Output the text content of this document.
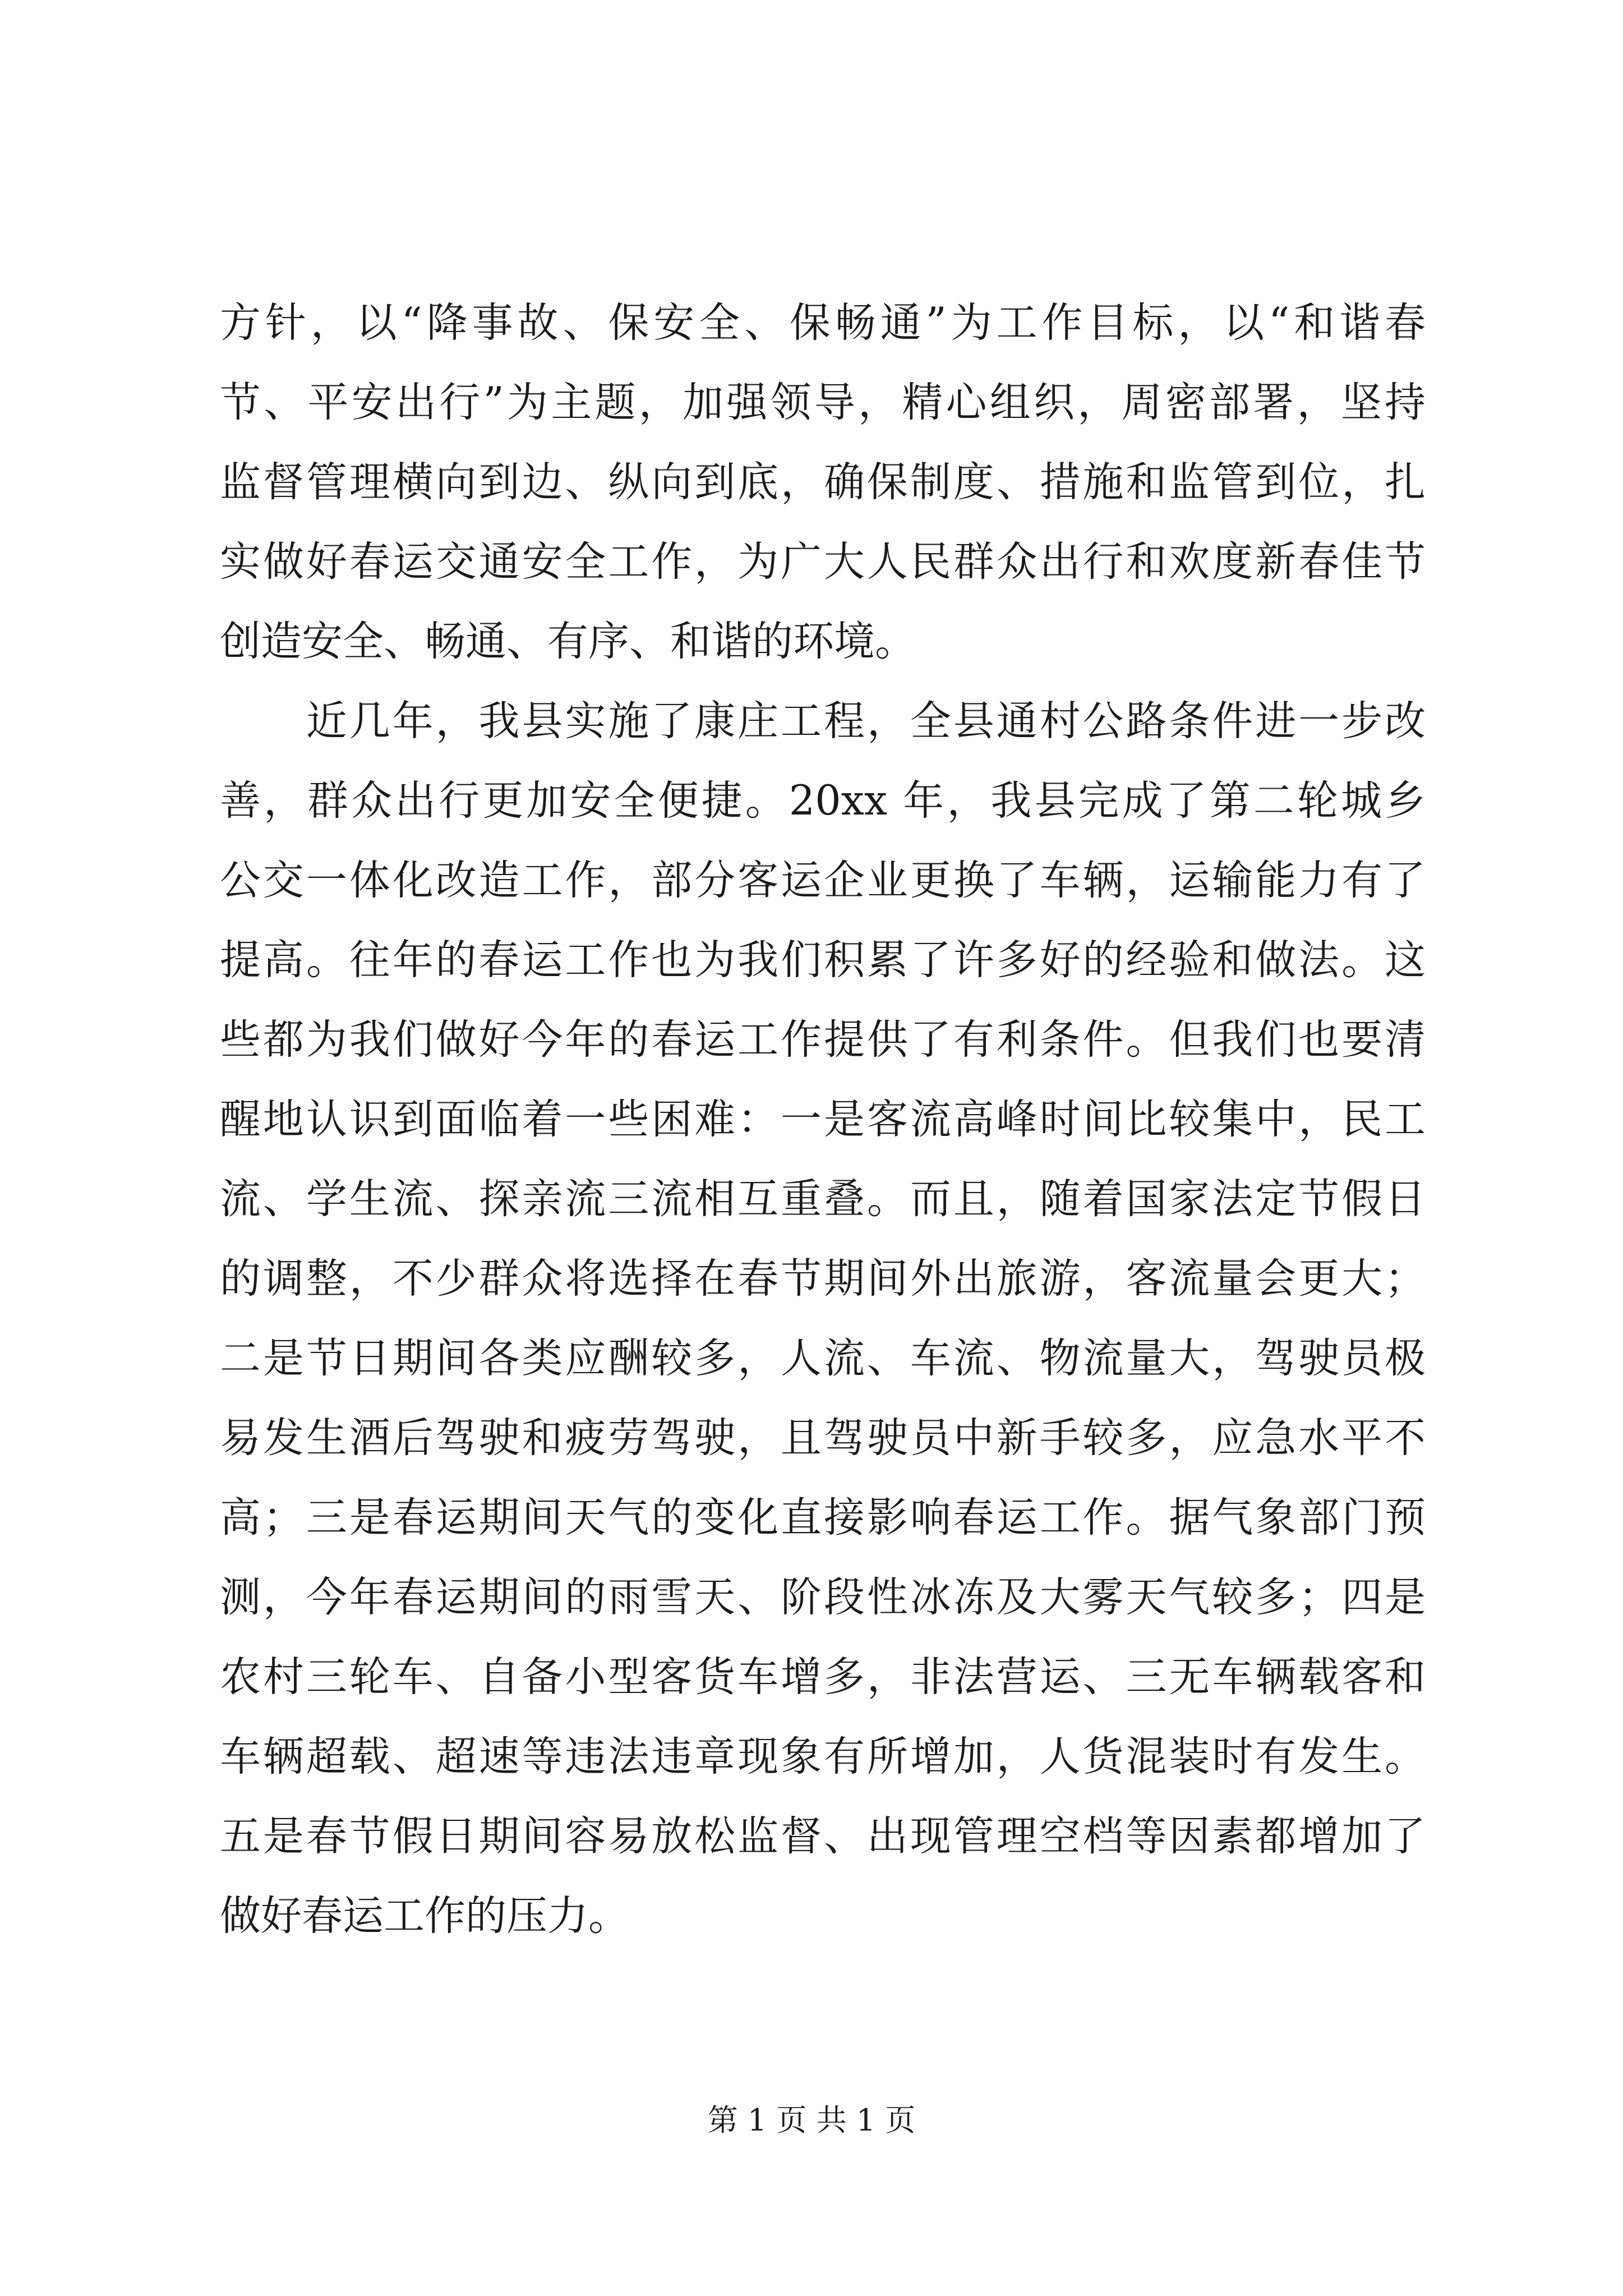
方针，以“降事故、保安全、保畅通”为工作目标，以“和谐春
节、平安出行”为主题，加强领导，精心组织，周密部署，坚持
监督管理横向到边、纵向到底，确保制度、措施和监管到位，扎
实做好春运交通安全工作，为广大人民群众出行和欢度新春佳节
创造安全、畅通、有序、和谐的环境。
　　近几年，我县实施了康庄工程，全县通村公路条件进一步改
善，群众出行更加安全便捷。20xx 年，我县完成了第二轮城乡
公交一体化改造工作，部分客运企业更换了车辆，运输能力有了
提高。往年的春运工作也为我们积累了许多好的经验和做法。这
些都为我们做好今年的春运工作提供了有利条件。但我们也要清
醒地认识到面临着一些困难：一是客流高峰时间比较集中，民工
流、学生流、探亲流三流相互重叠。而且，随着国家法定节假日
的调整，不少群众将选择在春节期间外出旅游，客流量会更大；
二是节日期间各类应酬较多，人流、车流、物流量大，驾驶员极
易发生酒后驾驶和疲劳驾驶，且驾驶员中新手较多，应急水平不
高；三是春运期间天气的变化直接影响春运工作。据气象部门预
测，今年春运期间的雨雪天、阶段性冰冻及大雾天气较多；四是
农村三轮车、自备小型客货车增多，非法营运、三无车辆载客和
车辆超载、超速等违法违章现象有所增加，人货混装时有发生。
五是春节假日期间容易放松监督、出现管理空档等因素都增加了
做好春运工作的压力。
第 1 页 共 1 页
